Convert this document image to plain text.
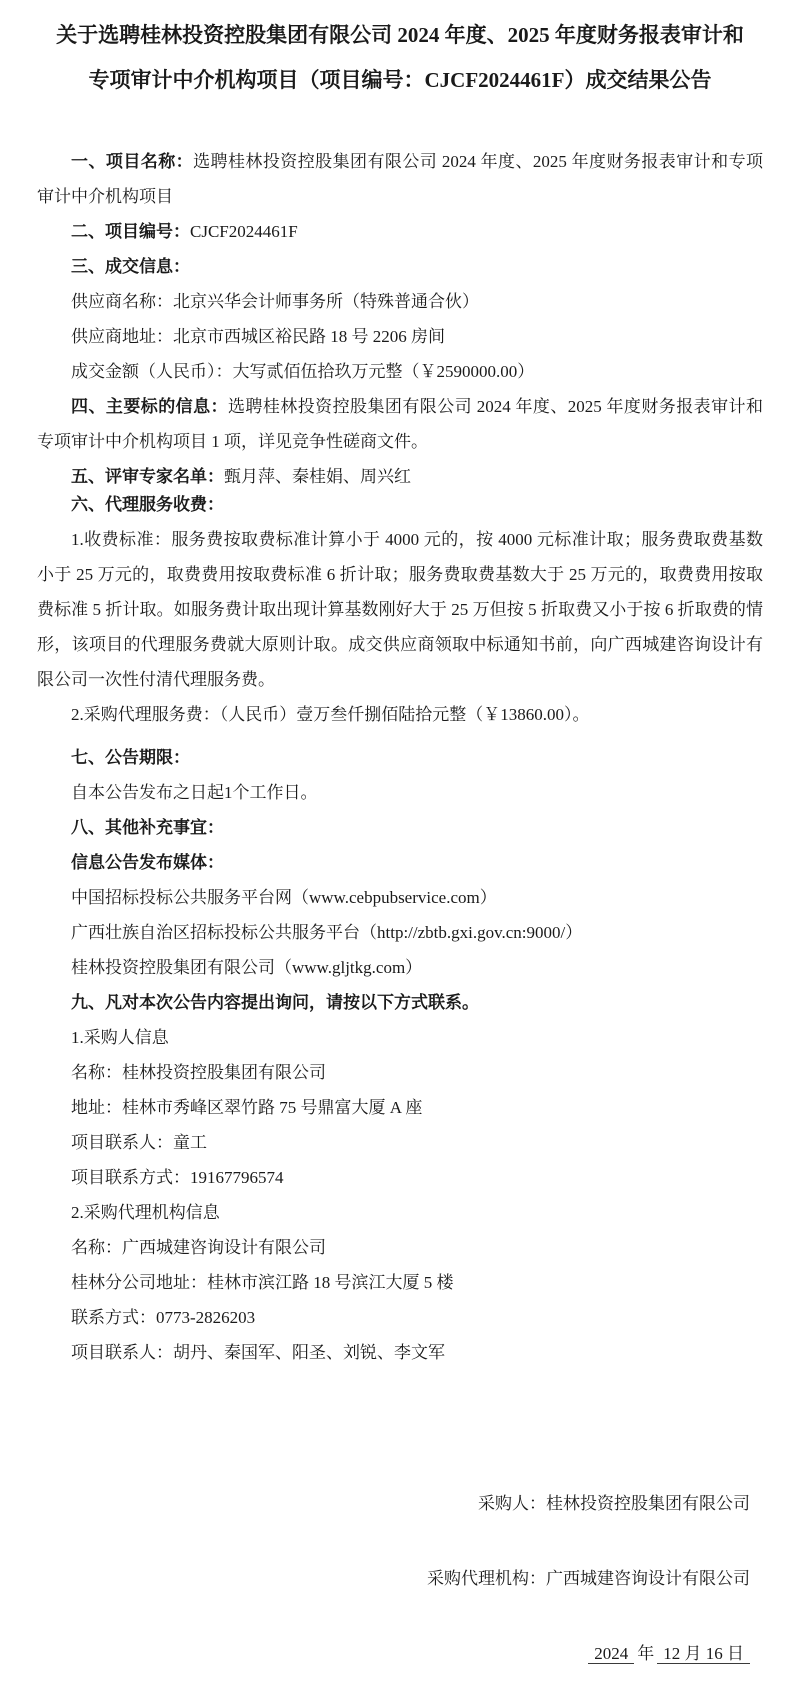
关于选聘桂林投资控股集团有限公司 2024 年度、2025 年度财务报表审计和
专项审计中介机构项目（项目编号：CJCF2024461F）成交结果公告

一、项目名称：选聘桂林投资控股集团有限公司 2024 年度、2025 年度财务报表审计和专项审计中介机构项目

二、项目编号：CJCF2024461F

三、成交信息：

供应商名称：北京兴华会计师事务所（特殊普通合伙）

供应商地址：北京市西城区裕民路 18 号 2206 房间

成交金额（人民币）：大写贰佰伍拾玖万元整（￥2590000.00）

四、主要标的信息：选聘桂林投资控股集团有限公司 2024 年度、2025 年度财务报表审计和专项审计中介机构项目 1 项，详见竞争性磋商文件。

五、评审专家名单：甄月萍、秦桂娟、周兴红

六、代理服务收费：

1.收费标准：服务费按取费标准计算小于 4000 元的，按 4000 元标准计取；服务费取费基数小于 25 万元的，取费费用按取费标准 6 折计取；服务费取费基数大于 25 万元的，取费费用按取费标准 5 折计取。如服务费计取出现计算基数刚好大于 25 万但按 5 折取费又小于按 6 折取费的情形，该项目的代理服务费就大原则计取。成交供应商领取中标通知书前，向广西城建咨询设计有限公司一次性付清代理服务费。

2.采购代理服务费：（人民币）壹万叁仟捌佰陆拾元整（￥13860.00）。

七、公告期限：

自本公告发布之日起1个工作日。

八、其他补充事宜：

信息公告发布媒体：

中国招标投标公共服务平台网（www.cebpubservice.com）

广西壮族自治区招标投标公共服务平台（http://zbtb.gxi.gov.cn:9000/）

桂林投资控股集团有限公司（www.gljtkg.com）

九、凡对本次公告内容提出询问，请按以下方式联系。

1.采购人信息

名称：桂林投资控股集团有限公司

地址：桂林市秀峰区翠竹路 75 号鼎富大厦 A 座

项目联系人：童工

项目联系方式：19167796574

2.采购代理机构信息

名称：广西城建咨询设计有限公司

桂林分公司地址：桂林市滨江路 18 号滨江大厦 5 楼

联系方式：0773-2826203

项目联系人：胡丹、秦国军、阳圣、刘锐、李文军

采购人：桂林投资控股集团有限公司

采购代理机构：广西城建咨询设计有限公司

2024 年 12 月 16 日
